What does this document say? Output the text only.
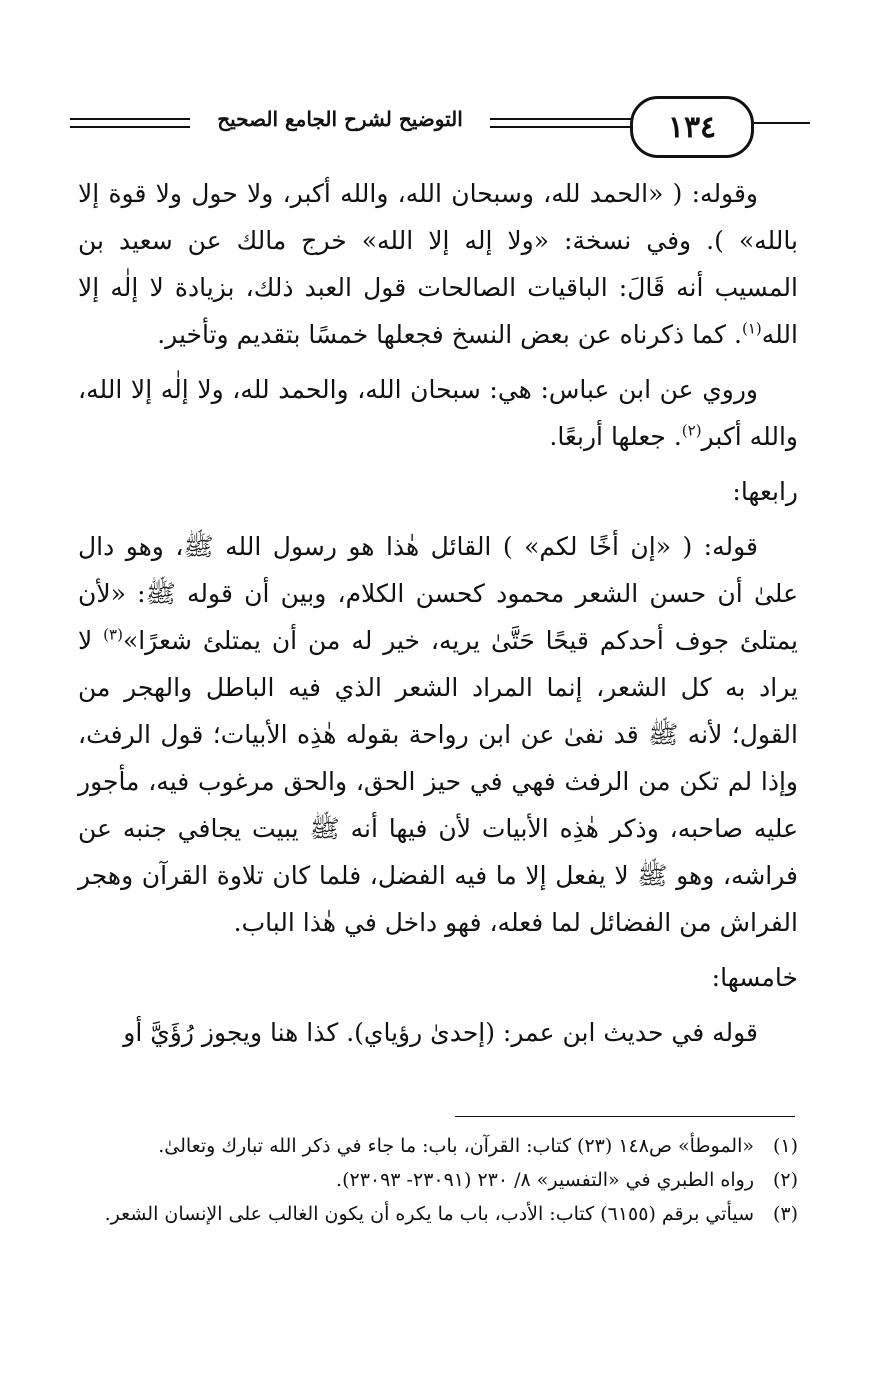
التوضيح لشرح الجامع الصحيح	١٣٤

وقوله: ( «الحمد لله، وسبحان الله، والله أكبر، ولا حول ولا قوة إلا بالله» ). وفي نسخة: «ولا إله إلا الله» خرج مالك عن سعيد بن المسيب أنه قَالَ: الباقيات الصالحات قول العبد ذلك، بزيادة لا إلٰه إلا الله$^{(١)}$. كما ذكرناه عن بعض النسخ فجعلها خمسًا بتقديم وتأخير.

وروي عن ابن عباس: هي: سبحان الله، والحمد لله، ولا إلٰه إلا الله، والله أكبر$^{(٢)}$. جعلها أربعًا.

رابعها:

قوله: ( «إن أخًا لكم» ) القائل هٰذا هو رسول الله ﷺ، وهو دال علىٰ أن حسن الشعر محمود كحسن الكلام، وبين أن قوله ﷺ: «لأن يمتلئ جوف أحدكم قيحًا حَتَّىٰ يريه، خير له من أن يمتلئ شعرًا»$^{(٣)}$ لا يراد به كل الشعر، إنما المراد الشعر الذي فيه الباطل والهجر من القول؛ لأنه ﷺ قد نفىٰ عن ابن رواحة بقوله هٰذِه الأبيات؛ قول الرفث، وإذا لم تكن من الرفث فهي في حيز الحق، والحق مرغوب فيه، مأجور عليه صاحبه، وذكر هٰذِه الأبيات لأن فيها أنه ﷺ يبيت يجافي جنبه عن فراشه، وهو ﷺ لا يفعل إلا ما فيه الفضل، فلما كان تلاوة القرآن وهجر الفراش من الفضائل لما فعله، فهو داخل في هٰذا الباب.

خامسها:

قوله في حديث ابن عمر: (إحدىٰ رؤياي). كذا هنا ويجوز رُؤَيَّ أو

(١)
«الموطأ» ص١٤٨ (٢٣) كتاب: القرآن، باب: ما جاء في ذكر الله تبارك وتعالىٰ.
(٢)
رواه الطبري في «التفسير» ٨/ ٢٣٠ (٢٣٠٩١- ٢٣٠٩٣).
(٣)
سيأتي برقم (٦١٥٥) كتاب: الأدب، باب ما يكره أن يكون الغالب على الإنسان الشعر.
